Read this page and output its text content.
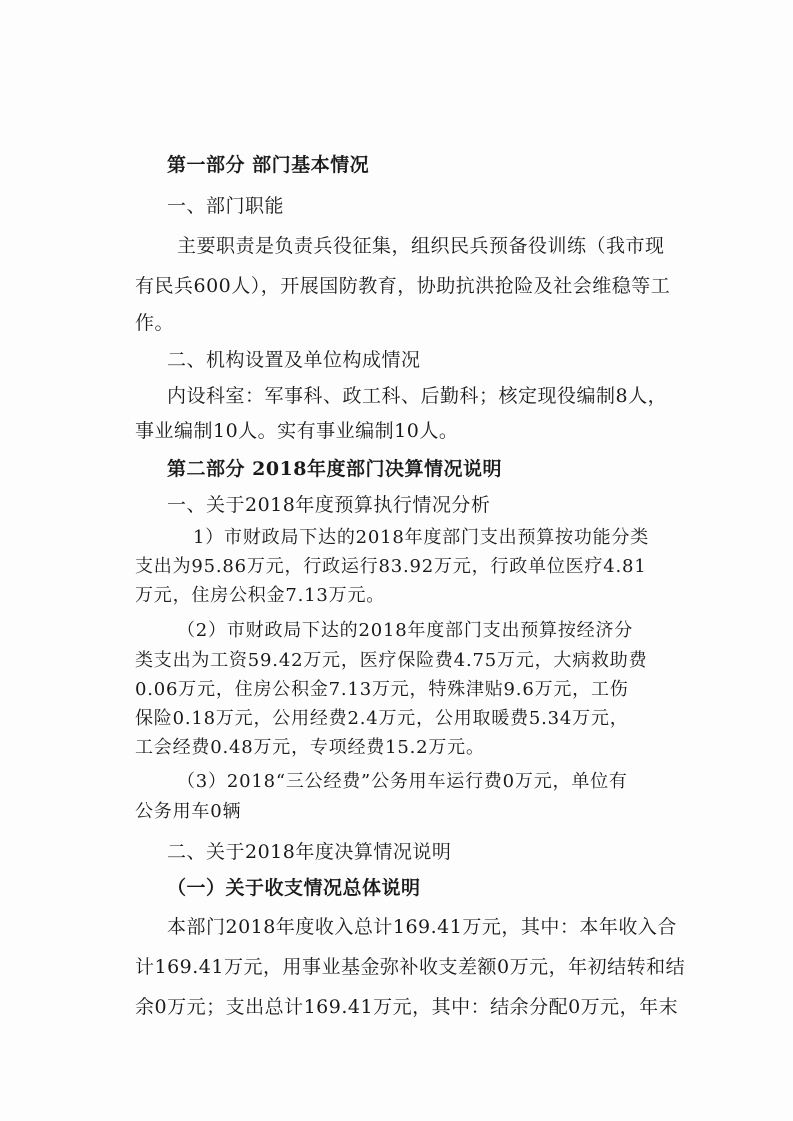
第一部分 部门基本情况
一、部门职能
主要职责是负责兵役征集，组织民兵预备役训练（我市现
有民兵600人），开展国防教育，协助抗洪抢险及社会维稳等工
作。
二、机构设置及单位构成情况
内设科室：军事科、政工科、后勤科；核定现役编制8人，
事业编制10人。实有事业编制10人。
第二部分 2018年度部门决算情况说明
一、关于2018年度预算执行情况分析
1）市财政局下达的2018年度部门支出预算按功能分类
支出为95.86万元，行政运行83.92万元，行政单位医疗4.81
万元，住房公积金7.13万元。
（2）市财政局下达的2018年度部门支出预算按经济分
类支出为工资59.42万元，医疗保险费4.75万元，大病救助费
0.06万元，住房公积金7.13万元，特殊津贴9.6万元，工伤
保险0.18万元，公用经费2.4万元，公用取暖费5.34万元，
工会经费0.48万元，专项经费15.2万元。
（3）2018“三公经费”公务用车运行费0万元，单位有
公务用车0辆
二、关于2018年度决算情况说明
（一）关于收支情况总体说明
本部门2018年度收入总计169.41万元，其中：本年收入合
计169.41万元，用事业基金弥补收支差额0万元，年初结转和结
余0万元；支出总计169.41万元，其中：结余分配0万元，年末
